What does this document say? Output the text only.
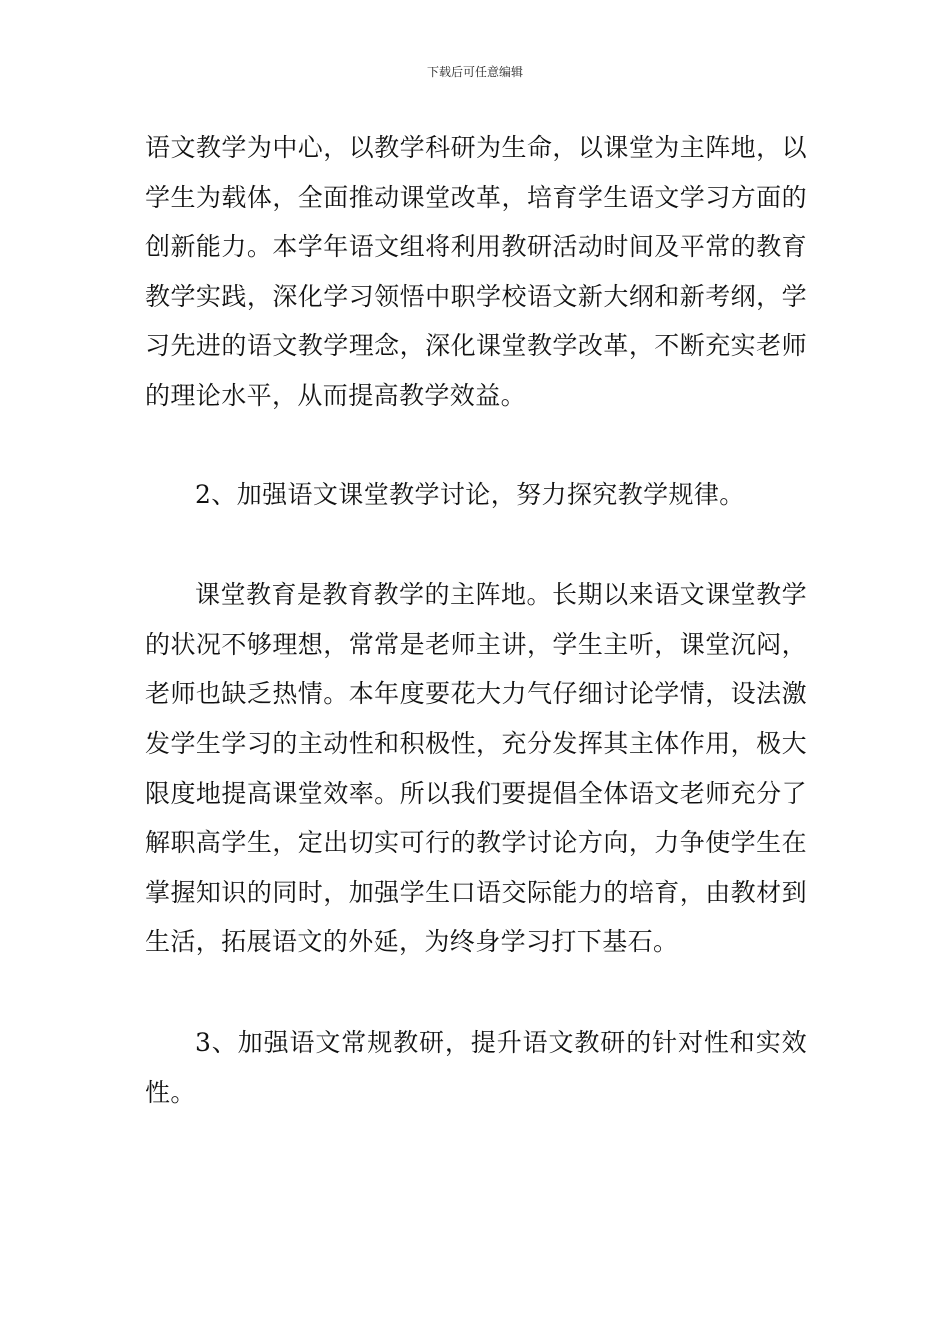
下载后可任意编辑

语文教学为中心，以教学科研为生命，以课堂为主阵地，以学生为载体，全面推动课堂改革，培育学生语文学习方面的创新能力。本学年语文组将利用教研活动时间及平常的教育教学实践，深化学习领悟中职学校语文新大纲和新考纲，学习先进的语文教学理念，深化课堂教学改革，不断充实老师的理论水平，从而提高教学效益。

2、加强语文课堂教学讨论，努力探究教学规律。

课堂教育是教育教学的主阵地。长期以来语文课堂教学的状况不够理想，常常是老师主讲，学生主听，课堂沉闷，老师也缺乏热情。本年度要花大力气仔细讨论学情，设法激发学生学习的主动性和积极性，充分发挥其主体作用，极大限度地提高课堂效率。所以我们要提倡全体语文老师充分了解职高学生，定出切实可行的教学讨论方向，力争使学生在掌握知识的同时，加强学生口语交际能力的培育，由教材到生活，拓展语文的外延，为终身学习打下基石。

3、加强语文常规教研，提升语文教研的针对性和实效性。
